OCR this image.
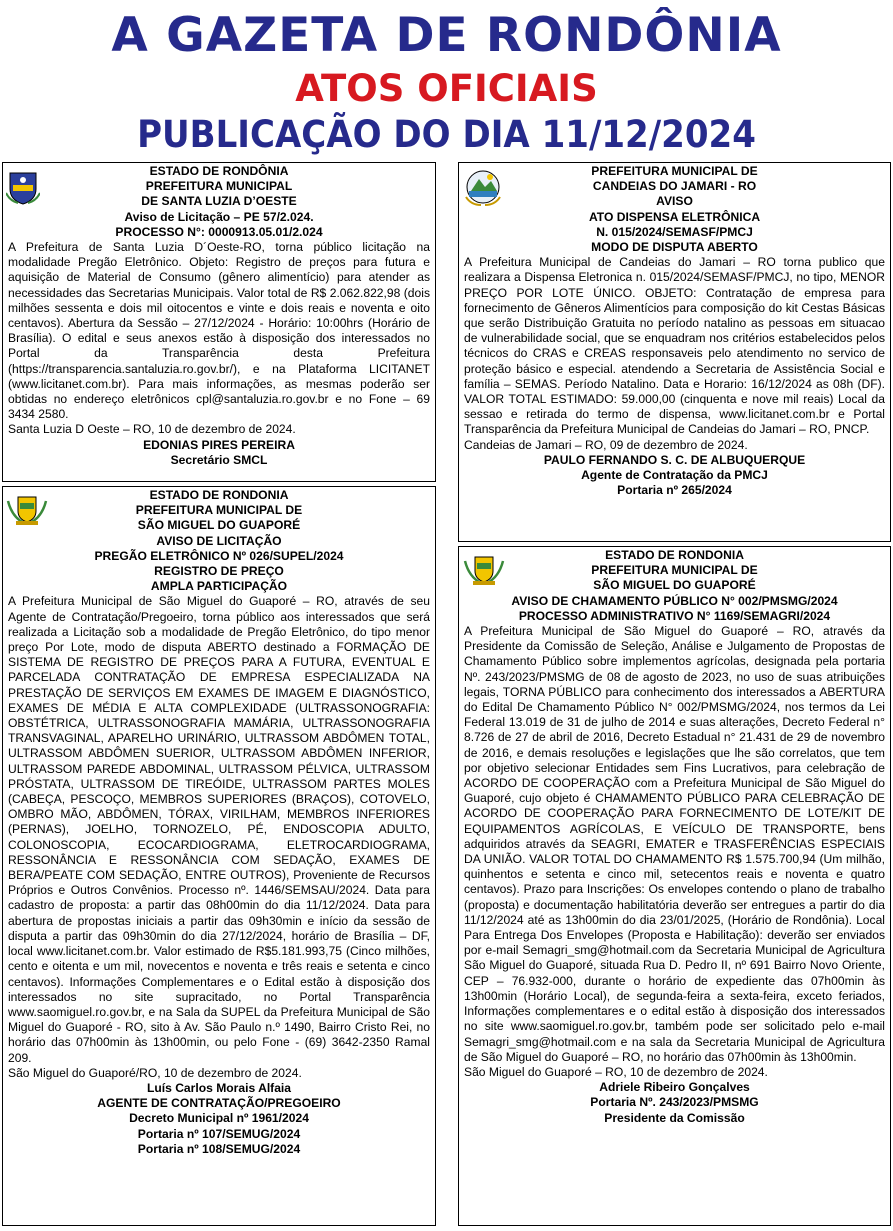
A GAZETA DE RONDÔNIA
ATOS OFICIAIS
PUBLICAÇÃO DO DIA 11/12/2024
ESTADO DE RONDÔNIA
PREFEITURA MUNICIPAL
DE SANTA LUZIA D’OESTE
Aviso de Licitação – PE 57/2.024.
PROCESSO N°: 0000913.05.01/2.024

A Prefeitura de Santa Luzia D´Oeste-RO, torna público licitação na modalidade Pregão Eletrônico. Objeto: Registro de preços para futura e aquisição de Material de Consumo (gênero alimentício) para atender as necessidades das Secretarias Municipais. Valor total de R$ 2.062.822,98 (dois milhões sessenta e dois mil oitocentos e vinte e dois reais e noventa e oito centavos). Abertura da Sessão – 27/12/2024 - Horário: 10:00hrs (Horário de Brasília). O edital e seus anexos estão à disposição dos interessados no Portal da Transparência desta Prefeitura (https://transparencia.santaluzia.ro.gov.br/), e na Plataforma LICITANET (www.licitanet.com.br). Para mais informações, as mesmas poderão ser obtidas no endereço eletrônicos cpl@santaluzia.ro.gov.br e no Fone – 69 3434 2580.

Santa Luzia D Oeste – RO, 10 de dezembro de 2024.

EDONIAS PIRES PEREIRA
Secretário SMCL
PREFEITURA MUNICIPAL DE
CANDEIAS DO JAMARI - RO
AVISO
ATO DISPENSA ELETRÔNICA
N. 015/2024/SEMASF/PMCJ
MODO DE DISPUTA ABERTO

A Prefeitura Municipal de Candeias do Jamari – RO torna publico que realizara a Dispensa Eletronica n. 015/2024/SEMASF/PMCJ, no tipo, MENOR PREÇO POR LOTE ÚNICO. OBJETO: Contratação de empresa para fornecimento de Gêneros Alimentícios para composição do kit Cestas Básicas que serão Distribuição Gratuita no período natalino as pessoas em situacao de vulnerabilidade social, que se enquadram nos critérios estabelecidos pelos técnicos do CRAS e CREAS responsaveis pelo atendimento no servico de proteção básico e especial. atendendo a Secretaria de Assistência Social e família – SEMAS. Período Natalino. Data e Horario: 16/12/2024 as 08h (DF). VALOR TOTAL ESTIMADO: 59.000,00 (cinquenta e nove mil reais) Local da sessao e retirada do termo de dispensa, www.licitanet.com.br e Portal Transparência da Prefeitura Municipal de Candeias do Jamari – RO, PNCP.

Candeias de Jamari – RO, 09 de dezembro de 2024.

PAULO FERNANDO S. C. DE ALBUQUERQUE
Agente de Contratação da PMCJ
Portaria nº 265/2024
ESTADO DE RONDONIA
PREFEITURA MUNICIPAL DE
SÃO MIGUEL DO GUAPORÉ
AVISO DE LICITAÇÃO
PREGÃO ELETRÔNICO Nº 026/SUPEL/2024
REGISTRO DE PREÇO
AMPLA PARTICIPAÇÃO

A Prefeitura Municipal de São Miguel do Guaporé – RO, através de seu Agente de Contratação/Pregoeiro, torna público aos interessados que será realizada a Licitação sob a modalidade de Pregão Eletrônico, do tipo menor preço Por Lote, modo de disputa ABERTO destinado a FORMAÇÃO DE SISTEMA DE REGISTRO DE PREÇOS PARA A FUTURA, EVENTUAL E PARCELADA CONTRATAÇÃO DE EMPRESA ESPECIALIZADA NA PRESTAÇÃO DE SERVIÇOS EM EXAMES DE IMAGEM E DIAGNÓSTICO, EXAMES DE MÉDIA E ALTA COMPLEXIDADE (ULTRASSONOGRAFIA: OBSTÉTRICA, ULTRASSONOGRAFIA MAMÁRIA, ULTRASSONOGRAFIA TRANSVAGINAL, APARELHO URINÁRIO, ULTRASSOM ABDÔMEN TOTAL, ULTRASSOM ABDÔMEN SUERIOR, ULTRASSOM ABDÔMEN INFERIOR, ULTRASSOM PAREDE ABDOMINAL, ULTRASSOM PÉLVICA, ULTRASSOM PRÓSTATA, ULTRASSOM DE TIREÓIDE, ULTRASSOM PARTES MOLES (CABEÇA, PESCOÇO, MEMBROS SUPERIORES (BRAÇOS), COTOVELO, OMBRO MÃO, ABDÔMEN, TÓRAX, VIRILHAM, MEMBROS INFERIORES (PERNAS), JOELHO, TORNOZELO, PÉ, ENDOSCOPIA ADULTO, COLONOSCOPIA, ECOCARDIOGRAMA, ELETROCARDIOGRAMA, RESSONÂNCIA E RESSONÂNCIA COM SEDAÇÃO, EXAMES DE BERA/PEATE COM SEDAÇÃO, ENTRE OUTROS), Proveniente de Recursos Próprios e Outros Convênios. Processo nº. 1446/SEMSAU/2024. Data para cadastro de proposta: a partir das 08h00min do dia 11/12/2024. Data para abertura de propostas iniciais a partir das 09h30min e início da sessão de disputa a partir das 09h30min do dia 27/12/2024, horário de Brasília – DF, local www.licitanet.com.br. Valor estimado de R$5.181.993,75 (Cinco milhões, cento e oitenta e um mil, novecentos e noventa e três reais e setenta e cinco centavos). Informações Complementares e o Edital estão à disposição dos interessados no site supracitado, no Portal Transparência www.saomiguel.ro.gov.br, e na Sala da SUPEL da Prefeitura Municipal de São Miguel do Guaporé - RO, sito à Av. São Paulo n.º 1490, Bairro Cristo Rei, no horário das 07h00min às 13h00min, ou pelo Fone - (69) 3642-2350 Ramal 209.

São Miguel do Guaporé/RO, 10 de dezembro de 2024.

Luís Carlos Morais Alfaia
AGENTE DE CONTRATAÇÃO/PREGOEIRO
Decreto Municipal nº 1961/2024
Portaria nº 107/SEMUG/2024
Portaria nº 108/SEMUG/2024
ESTADO DE RONDONIA
PREFEITURA MUNICIPAL DE
SÃO MIGUEL DO GUAPORÉ
AVISO DE CHAMAMENTO PÚBLICO N° 002/PMSMG/2024
PROCESSO ADMINISTRATIVO N° 1169/SEMAGRI/2024

A Prefeitura Municipal de São Miguel do Guaporé – RO, através da Presidente da Comissão de Seleção, Análise e Julgamento de Propostas de Chamamento Público sobre implementos agrícolas, designada pela portaria Nº. 243/2023/PMSMG de 08 de agosto de 2023, no uso de suas atribuições legais, TORNA PÚBLICO para conhecimento dos interessados a ABERTURA do Edital De Chamamento Público N° 002/PMSMG/2024, nos termos da Lei Federal 13.019 de 31 de julho de 2014 e suas alterações, Decreto Federal n° 8.726 de 27 de abril de 2016, Decreto Estadual n° 21.431 de 29 de novembro de 2016, e demais resoluções e legislações que lhe são correlatos, que tem por objetivo selecionar Entidades sem Fins Lucrativos, para celebração de ACORDO DE COOPERAÇÃO com a Prefeitura Municipal de São Miguel do Guaporé, cujo objeto é CHAMAMENTO PÚBLICO PARA CELEBRAÇÃO DE ACORDO DE COOPERAÇÃO PARA FORNECIMENTO DE LOTE/KIT DE EQUIPAMENTOS AGRÍCOLAS, E VEÍCULO DE TRANSPORTE, bens adquiridos através da SEAGRI, EMATER e TRASFERÊNCIAS ESPECIAIS DA UNIÃO. VALOR TOTAL DO CHAMAMENTO R$ 1.575.700,94 (Um milhão, quinhentos e setenta e cinco mil, setecentos reais e noventa e quatro centavos). Prazo para Inscrições: Os envelopes contendo o plano de trabalho (proposta) e documentação habilitatória deverão ser entregues a partir do dia 11/12/2024 até as 13h00min do dia 23/01/2025, (Horário de Rondônia). Local Para Entrega Dos Envelopes (Proposta e Habilitação): deverão ser enviados por e-mail Semagri_smg@hotmail.com da Secretaria Municipal de Agricultura São Miguel do Guaporé, situada Rua D. Pedro II, nº 691 Bairro Novo Oriente, CEP – 76.932-000, durante o horário de expediente das 07h00min às 13h00min (Horário Local), de segunda-feira a sexta-feira, exceto feriados, Informações complementares e o edital estão à disposição dos interessados no site www.saomiguel.ro.gov.br, também pode ser solicitado pelo e-mail Semagri_smg@hotmail.com e na sala da Secretaria Municipal de Agricultura de São Miguel do Guaporé – RO, no horário das 07h00min às 13h00min.

São Miguel do Guaporé – RO, 10 de dezembro de 2024.

Adriele Ribeiro Gonçalves
Portaria Nº. 243/2023/PMSMG
Presidente da Comissão
